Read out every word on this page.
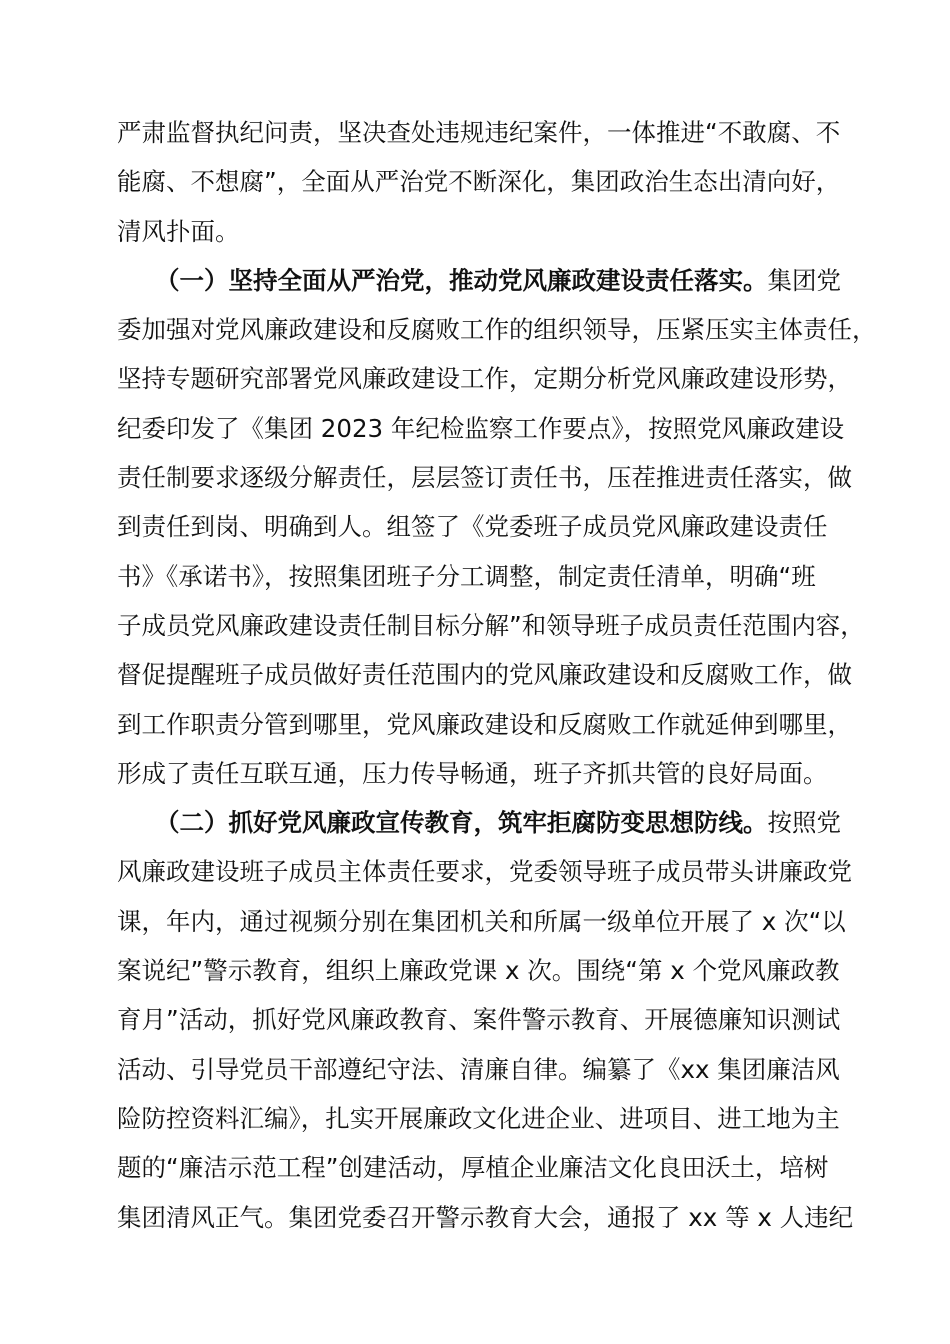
严肃监督执纪问责，坚决查处违规违纪案件，一体推进“不敢腐、不
能腐、不想腐”，全面从严治党不断深化，集团政治生态出清向好，
清风扑面。
（一）坚持全面从严治党，推动党风廉政建设责任落实。集团党
委加强对党风廉政建设和反腐败工作的组织领导，压紧压实主体责任，
坚持专题研究部署党风廉政建设工作，定期分析党风廉政建设形势，
纪委印发了《集团 2023 年纪检监察工作要点》，按照党风廉政建设
责任制要求逐级分解责任，层层签订责任书，压茬推进责任落实，做
到责任到岗、明确到人。组签了《党委班子成员党风廉政建设责任
书》《承诺书》，按照集团班子分工调整，制定责任清单，明确“班
子成员党风廉政建设责任制目标分解”和领导班子成员责任范围内容，
督促提醒班子成员做好责任范围内的党风廉政建设和反腐败工作，做
到工作职责分管到哪里，党风廉政建设和反腐败工作就延伸到哪里，
形成了责任互联互通，压力传导畅通，班子齐抓共管的良好局面。
（二）抓好党风廉政宣传教育，筑牢拒腐防变思想防线。按照党
风廉政建设班子成员主体责任要求，党委领导班子成员带头讲廉政党
课，年内，通过视频分别在集团机关和所属一级单位开展了 x 次“以
案说纪”警示教育，组织上廉政党课 x 次。围绕“第 x 个党风廉政教
育月”活动，抓好党风廉政教育、案件警示教育、开展德廉知识测试
活动、引导党员干部遵纪守法、清廉自律。编纂了《xx 集团廉洁风
险防控资料汇编》，扎实开展廉政文化进企业、进项目、进工地为主
题的“廉洁示范工程”创建活动，厚植企业廉洁文化良田沃土，培树
集团清风正气。集团党委召开警示教育大会，通报了 xx 等 x 人违纪
